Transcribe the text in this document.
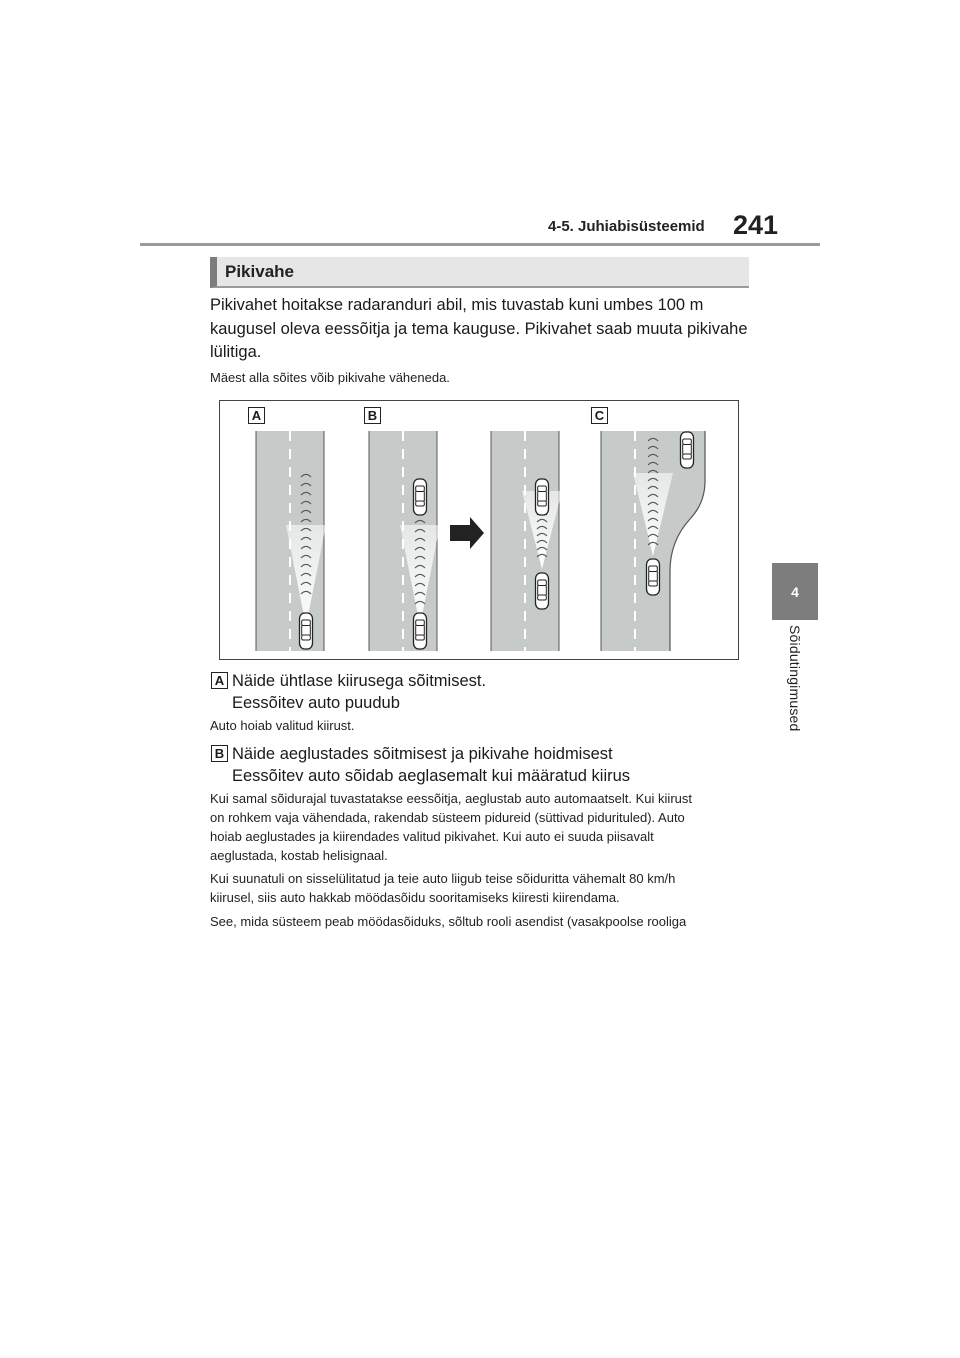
4-5. Juhiabisüsteemid 241
4
Sõidutingimused
Pikivahe
Pikivahet hoitakse radaranduri abil, mis tuvastab kuni umbes 100 m
kaugusel oleva eessõitja ja tema kauguse. Pikivahet saab muuta pikivahe
lülitiga.
Mäest alla sõites võib pikivahe väheneda.
A	B	C
A Näide ühtlase kiirusega sõitmisest.
Eessõitev auto puudub
Auto hoiab valitud kiirust.
B Näide aeglustades sõitmisest ja pikivahe hoidmisest
Eessõitev auto sõidab aeglasemalt kui määratud kiirus
Kui samal sõidurajal tuvastatakse eessõitja, aeglustab auto automaatselt. Kui kiirust
on rohkem vaja vähendada, rakendab süsteem pidureid (süttivad pidurituled). Auto
hoiab aeglustades ja kiirendades valitud pikivahet. Kui auto ei suuda piisavalt
aeglustada, kostab helisignaal.
Kui suunatuli on sisselülitatud ja teie auto liigub teise sõiduritta vähemalt 80 km/h
kiirusel, siis auto hakkab möödasõidu sooritamiseks kiiresti kiirendama.
See, mida süsteem peab möödasõiduks, sõltub rooli asendist (vasakpoolse rooliga
